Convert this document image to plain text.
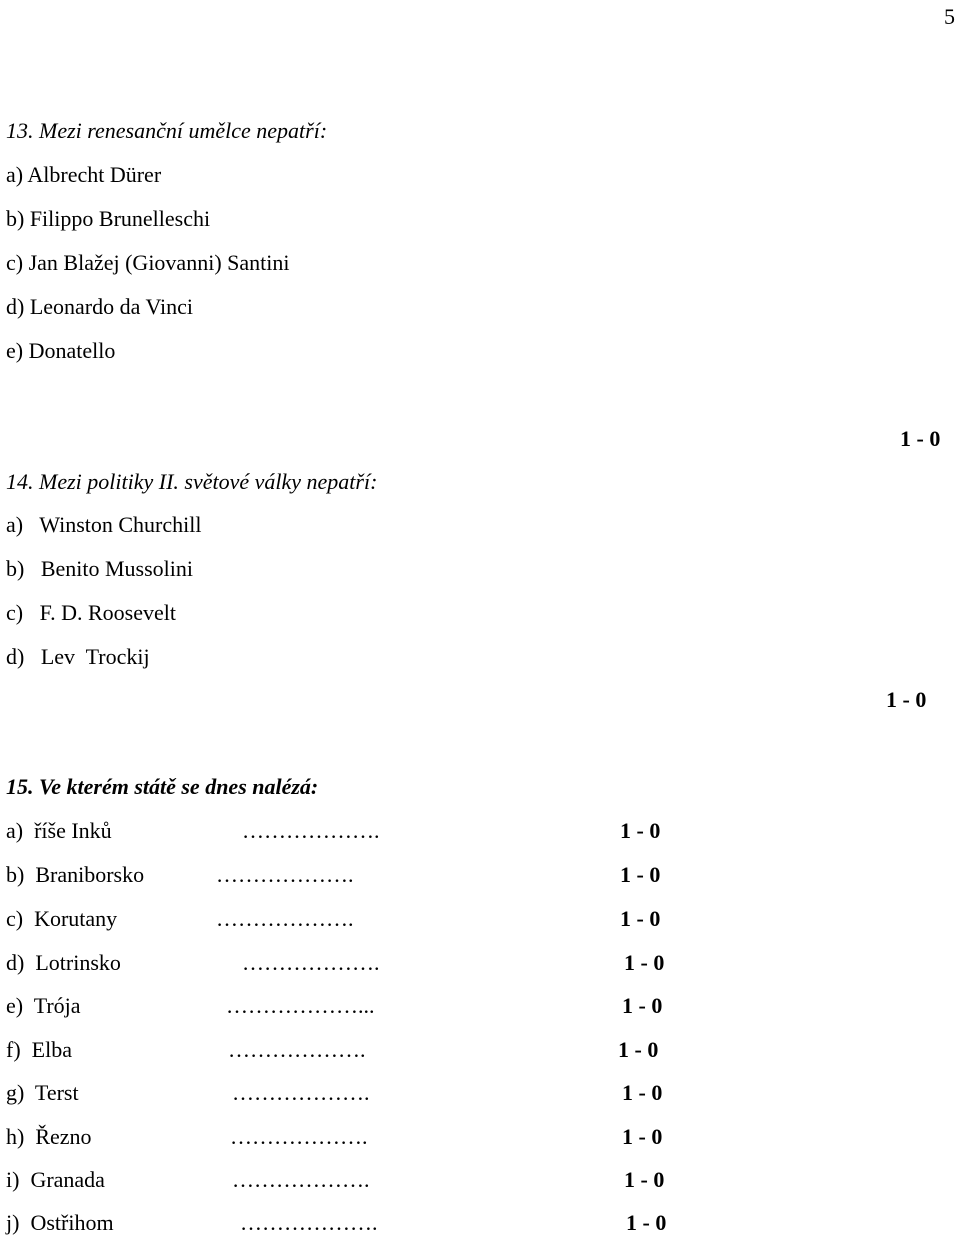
5
13. Mezi renesanční umělce nepatří:
a) Albrecht Dürer
b) Filippo Brunelleschi
c) Jan Blažej (Giovanni) Santini
d) Leonardo da Vinci
e) Donatello
1 - 0
14. Mezi politiky II. světové války nepatří:
a)   Winston Churchill
b)   Benito Mussolini
c)   F. D. Roosevelt
d)   Lev  Trockij
1 - 0
15. Ve kterém státě se dnes nalézá:
a)  říše Inků	……………….	1 - 0
b)  Braniborsko	……………….	1 - 0
c)  Korutany	……………….	1 - 0
d)  Lotrinsko	……………….	1 - 0
e)  Trója	………………...	1 - 0
f)  Elba	……………….	1 - 0
g)  Terst	……………….	1 - 0
h)  Řezno	……………….	1 - 0
i)  Granada	……………….	1 - 0
j)  Ostřihom	……………….	1 - 0
